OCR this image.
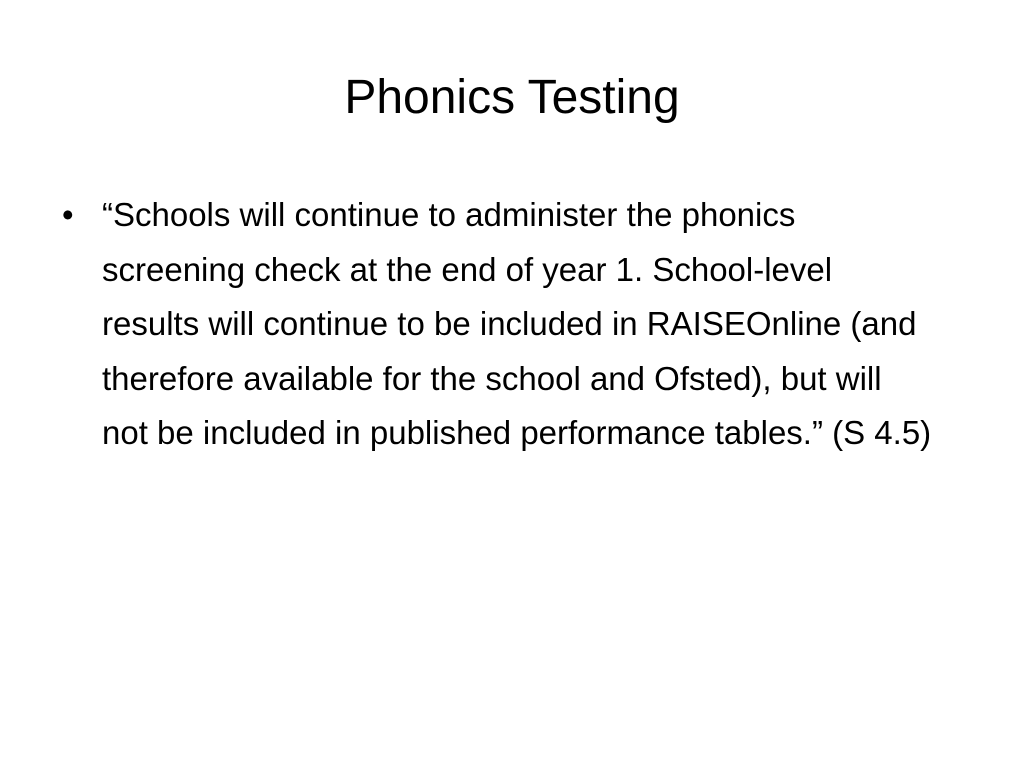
Phonics Testing
• “Schools will continue to administer the phonics screening check at the end of year 1. School-level results will continue to be included in RAISEOnline (and therefore available for the school and Ofsted), but will not be included in published performance tables.” (S 4.5)
